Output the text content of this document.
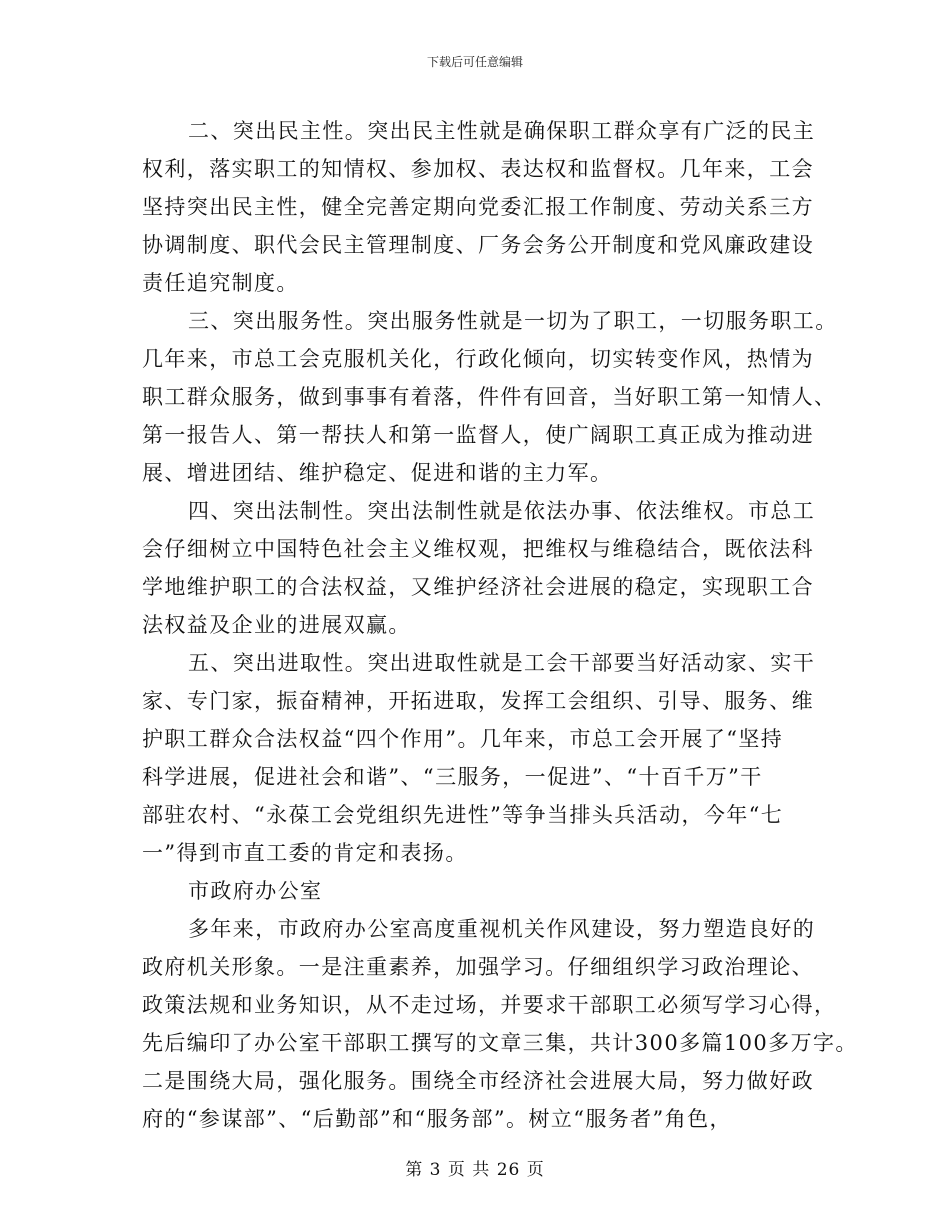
下载后可任意编辑
二、突出民主性。突出民主性就是确保职工群众享有广泛的民主
权利，落实职工的知情权、参加权、表达权和监督权。几年来，工会
坚持突出民主性，健全完善定期向党委汇报工作制度、劳动关系三方
协调制度、职代会民主管理制度、厂务会务公开制度和党风廉政建设
责任追究制度。
三、突出服务性。突出服务性就是一切为了职工，一切服务职工。
几年来，市总工会克服机关化，行政化倾向，切实转变作风，热情为
职工群众服务，做到事事有着落，件件有回音，当好职工第一知情人、
第一报告人、第一帮扶人和第一监督人，使广阔职工真正成为推动进
展、增进团结、维护稳定、促进和谐的主力军。
四、突出法制性。突出法制性就是依法办事、依法维权。市总工
会仔细树立中国特色社会主义维权观，把维权与维稳结合，既依法科
学地维护职工的合法权益，又维护经济社会进展的稳定，实现职工合
法权益及企业的进展双赢。
五、突出进取性。突出进取性就是工会干部要当好活动家、实干
家、专门家，振奋精神，开拓进取，发挥工会组织、引导、服务、维
护职工群众合法权益“四个作用”。几年来，市总工会开展了“坚持
科学进展，促进社会和谐”、“三服务，一促进”、“十百千万”干
部驻农村、“永葆工会党组织先进性”等争当排头兵活动，今年“七
一”得到市直工委的肯定和表扬。
市政府办公室
多年来，市政府办公室高度重视机关作风建设，努力塑造良好的
政府机关形象。一是注重素养，加强学习。仔细组织学习政治理论、
政策法规和业务知识，从不走过场，并要求干部职工必须写学习心得，
先后编印了办公室干部职工撰写的文章三集，共计300多篇100多万字。
二是围绕大局，强化服务。围绕全市经济社会进展大局，努力做好政
府的“参谋部”、“后勤部”和“服务部”。树立“服务者”角色，
第 3 页 共 26 页
